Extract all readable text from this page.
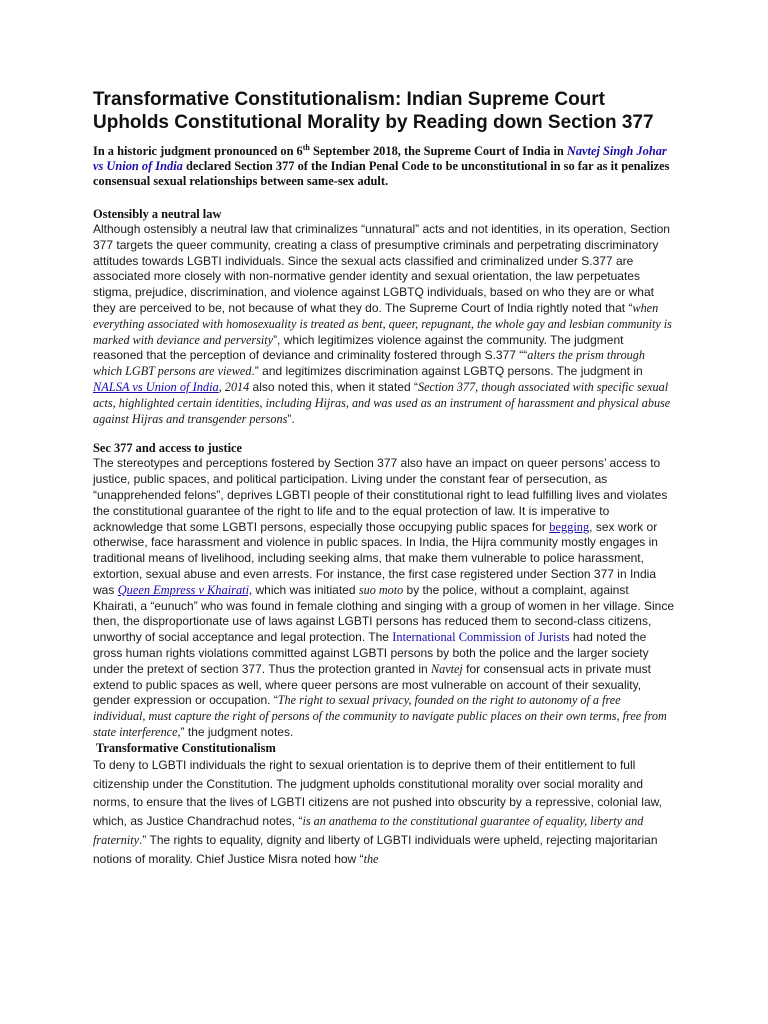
Transformative Constitutionalism: Indian Supreme Court Upholds Constitutional Morality by Reading down Section 377

In a historic judgment pronounced on 6th September 2018, the Supreme Court of India in Navtej Singh Johar vs Union of India declared Section 377 of the Indian Penal Code to be unconstitutional in so far as it penalizes consensual sexual relationships between same-sex adult.

Ostensibly a neutral law

Although ostensibly a neutral law that criminalizes “unnatural” acts and not identities, in its operation, Section 377 targets the queer community, creating a class of presumptive criminals and perpetrating discriminatory attitudes towards LGBTI individuals. Since the sexual acts classified and criminalized under S.377 are associated more closely with non-normative gender identity and sexual orientation, the law perpetuates stigma, prejudice, discrimination, and violence against LGBTQ individuals, based on who they are or what they are perceived to be, not because of what they do. The Supreme Court of India rightly noted that “when everything associated with homosexuality is treated as bent, queer, repugnant, the whole gay and lesbian community is marked with deviance and perversity”, which legitimizes violence against the community. The judgment reasoned that the perception of deviance and criminality fostered through S.377 ““alters the prism through which LGBT persons are viewed.” and legitimizes discrimination against LGBTQ persons. The judgment in NALSA vs Union of India, 2014 also noted this, when it stated “Section 377, though associated with specific sexual acts, highlighted certain identities, including Hijras, and was used as an instrument of harassment and physical abuse against Hijras and transgender persons”.

Sec 377 and access to justice

The stereotypes and perceptions fostered by Section 377 also have an impact on queer persons’ access to justice, public spaces, and political participation. Living under the constant fear of persecution, as “unapprehended felons”, deprives LGBTI people of their constitutional right to lead fulfilling lives and violates the constitutional guarantee of the right to life and to the equal protection of law. It is imperative to acknowledge that some LGBTI persons, especially those occupying public spaces for begging, sex work or otherwise, face harassment and violence in public spaces. In India, the Hijra community mostly engages in traditional means of livelihood, including seeking alms, that make them vulnerable to police harassment, extortion, sexual abuse and even arrests. For instance, the first case registered under Section 377 in India was Queen Empress v Khairati, which was initiated suo moto by the police, without a complaint, against Khairati, a “eunuch” who was found in female clothing and singing with a group of women in her village. Since then, the disproportionate use of laws against LGBTI persons has reduced them to second-class citizens, unworthy of social acceptance and legal protection. The International Commission of Jurists had noted the gross human rights violations committed against LGBTI persons by both the police and the larger society under the pretext of section 377. Thus the protection granted in Navtej for consensual acts in private must extend to public spaces as well, where queer persons are most vulnerable on account of their sexuality, gender expression or occupation. “The right to sexual privacy, founded on the right to autonomy of a free individual, must capture the right of persons of the community to navigate public places on their own terms, free from state interference,” the judgment notes.

Transformative Constitutionalism

To deny to LGBTI individuals the right to sexual orientation is to deprive them of their entitlement to full citizenship under the Constitution. The judgment upholds constitutional morality over social morality and norms, to ensure that the lives of LGBTI citizens are not pushed into obscurity by a repressive, colonial law, which, as Justice Chandrachud notes, “is an anathema to the constitutional guarantee of equality, liberty and fraternity.” The rights to equality, dignity and liberty of LGBTI individuals were upheld, rejecting majoritarian notions of morality. Chief Justice Misra noted how “the
